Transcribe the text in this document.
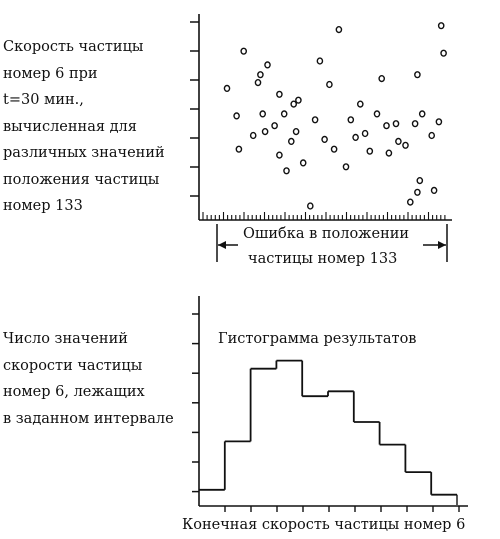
Скорость частицы
номер 6 при
t=30 мин.,
вычисленная для
различных значений
положения частицы
номер 133
Ошибка в положении
частицы номер 133
Число значений
скорости частицы
номер 6, лежащих
в заданном интервале
Гистограмма результатов
Конечная скорость частицы номер 6
